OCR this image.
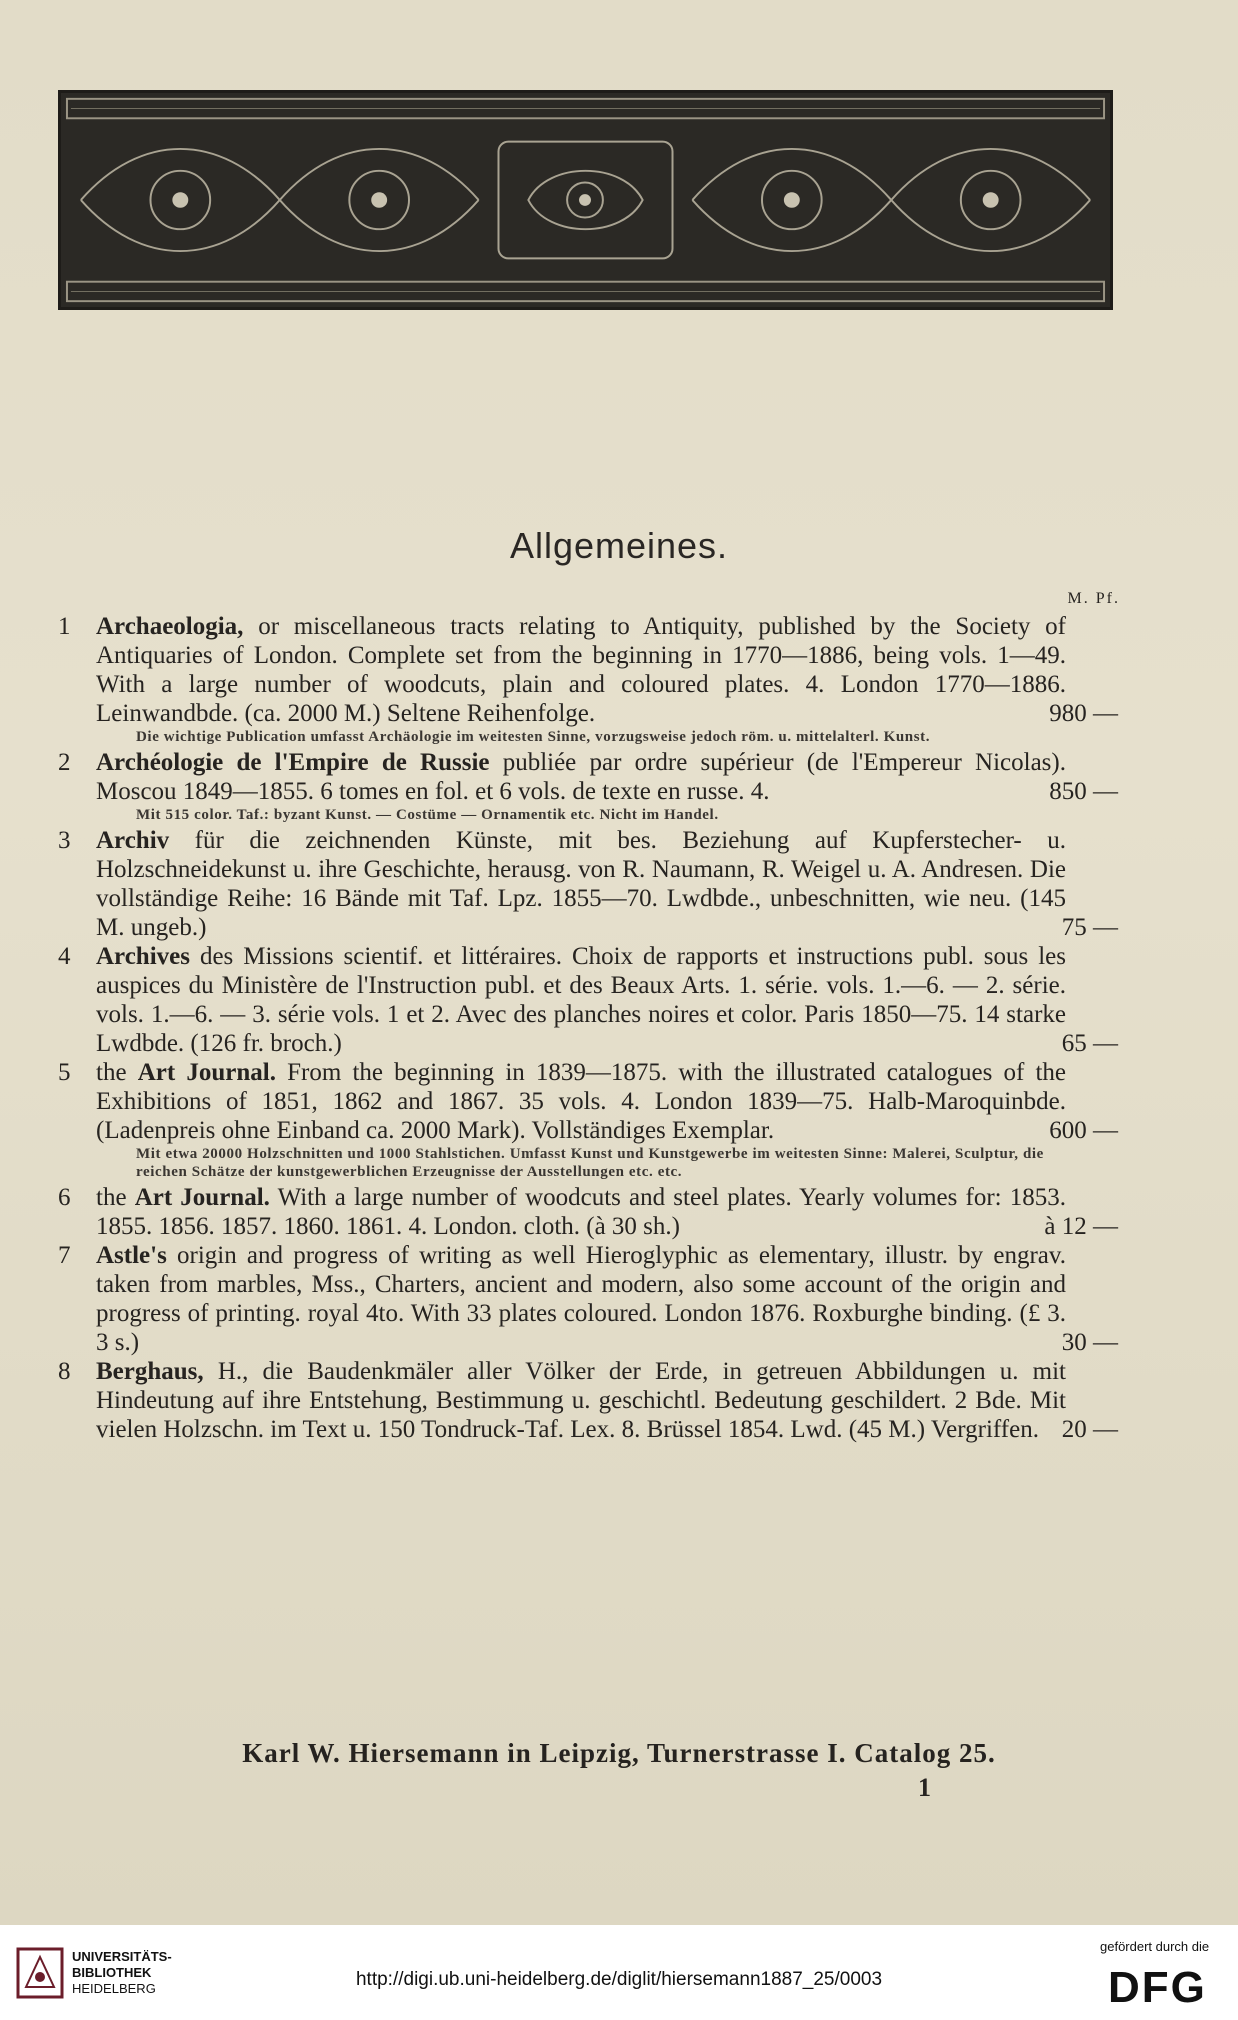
Allgemeines.
M. Pf.
1	Archaeologia, or miscellaneous tracts relating to Antiquity, published by the Society of Antiquaries of London. Complete set from the beginning in 1770—1886, being vols. 1—49. With a large number of woodcuts, plain and coloured plates. 4. London 1770—1886. Leinwandbde. (ca. 2000 M.) Seltene Reihenfolge.	980 —
Die wichtige Publication umfasst Archäologie im weitesten Sinne, vorzugsweise jedoch röm. u. mittelalterl. Kunst.
2	Archéologie de l'Empire de Russie publiée par ordre supérieur (de l'Empereur Nicolas). Moscou 1849—1855. 6 tomes en fol. et 6 vols. de texte en russe. 4.	850 —
Mit 515 color. Taf.: byzant Kunst. — Costüme — Ornamentik etc. Nicht im Handel.
3	Archiv für die zeichnenden Künste, mit bes. Beziehung auf Kupferstecher- u. Holzschneidekunst u. ihre Geschichte, herausg. von R. Naumann, R. Weigel u. A. Andresen. Die vollständige Reihe: 16 Bände mit Taf. Lpz. 1855—70. Lwdbde., unbeschnitten, wie neu. (145 M. ungeb.)	75 —
4	Archives des Missions scientif. et littéraires. Choix de rapports et instructions publ. sous les auspices du Ministère de l'Instruction publ. et des Beaux Arts. 1. série. vols. 1.—6. — 2. série. vols. 1.—6. — 3. série vols. 1 et 2. Avec des planches noires et color. Paris 1850—75. 14 starke Lwdbde. (126 fr. broch.)	65 —
5	the Art Journal. From the beginning in 1839—1875. with the illustrated catalogues of the Exhibitions of 1851, 1862 and 1867. 35 vols. 4. London 1839—75. Halb-Maroquinbde. (Ladenpreis ohne Einband ca. 2000 Mark). Vollständiges Exemplar.	600 —
Mit etwa 20000 Holzschnitten und 1000 Stahlstichen. Umfasst Kunst und Kunstgewerbe im weitesten Sinne: Malerei, Sculptur, die reichen Schätze der kunstgewerblichen Erzeugnisse der Ausstellungen etc. etc.
6	the Art Journal. With a large number of woodcuts and steel plates. Yearly volumes for: 1853. 1855. 1856. 1857. 1860. 1861. 4. London. cloth. (à 30 sh.)	à 12 —
7	Astle's origin and progress of writing as well Hieroglyphic as elementary, illustr. by engrav. taken from marbles, Mss., Charters, ancient and modern, also some account of the origin and progress of printing. royal 4to. With 33 plates coloured. London 1876. Roxburghe binding. (£ 3. 3 s.)	30 —
8	Berghaus, H., die Baudenkmäler aller Völker der Erde, in getreuen Abbildungen u. mit Hindeutung auf ihre Entstehung, Bestimmung u. geschichtl. Bedeutung geschildert. 2 Bde. Mit vielen Holzschn. im Text u. 150 Tondruck-Taf. Lex. 8. Brüssel 1854. Lwd. (45 M.) Vergriffen. 20 —
Karl W. Hiersemann in Leipzig, Turnerstrasse I. Catalog 25.
1
UNIVERSITÄTS-
BIBLIOTHEK
HEIDELBERG	http://digi.ub.uni-heidelberg.de/diglit/hiersemann1887_25/0003
gefördert durch die
DFG
